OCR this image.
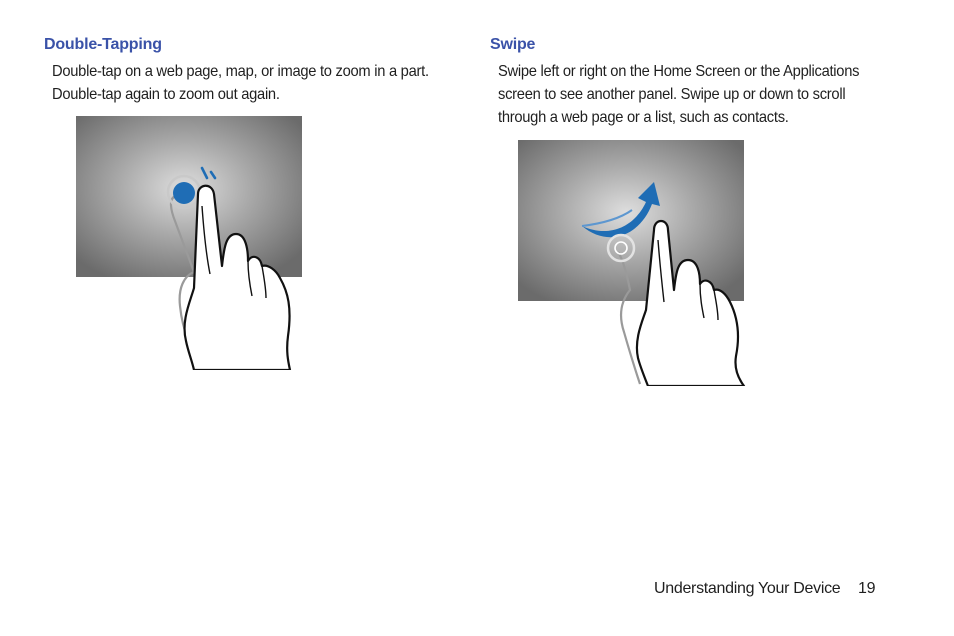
Double-Tapping
Double-tap on a web page, map, or image to zoom in a part.
Double-tap again to zoom out again.
Swipe
Swipe left or right on the Home Screen or the Applications
screen to see another panel. Swipe up or down to scroll
through a web page or a list, such as contacts.
Understanding Your Device 19
